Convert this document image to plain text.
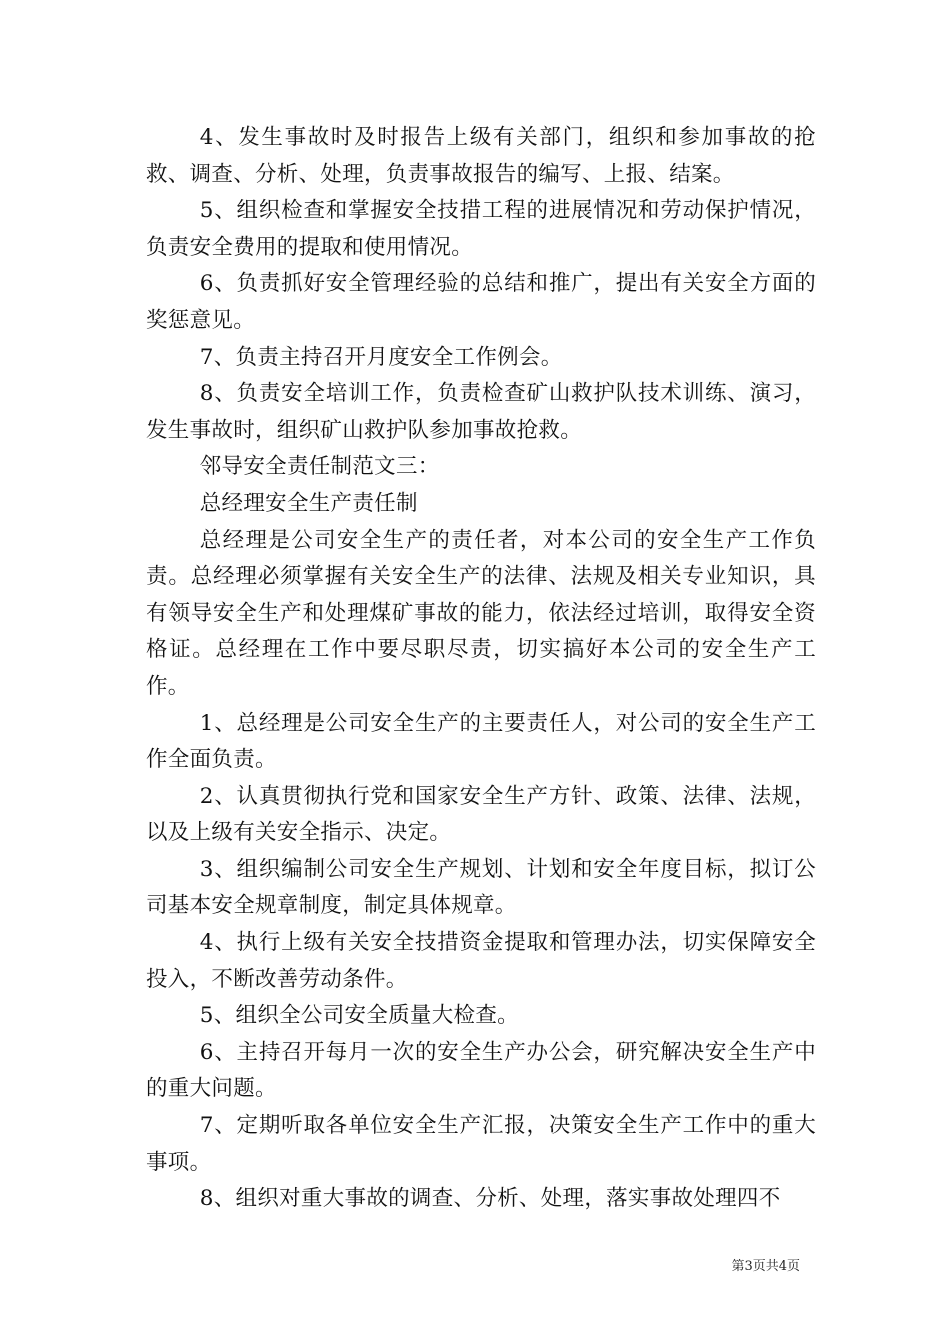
4、发生事故时及时报告上级有关部门，组织和参加事故的抢救、调查、分析、处理，负责事故报告的编写、上报、结案。

5、组织检查和掌握安全技措工程的进展情况和劳动保护情况，负责安全费用的提取和使用情况。

6、负责抓好安全管理经验的总结和推广，提出有关安全方面的奖惩意见。

7、负责主持召开月度安全工作例会。

8、负责安全培训工作，负责检查矿山救护队技术训练、演习，发生事故时，组织矿山救护队参加事故抢救。

邻导安全责任制范文三：

总经理安全生产责任制

总经理是公司安全生产的责任者，对本公司的安全生产工作负责。总经理必须掌握有关安全生产的法律、法规及相关专业知识，具有领导安全生产和处理煤矿事故的能力，依法经过培训，取得安全资格证。总经理在工作中要尽职尽责，切实搞好本公司的安全生产工作。

1、总经理是公司安全生产的主要责任人，对公司的安全生产工作全面负责。

2、认真贯彻执行党和国家安全生产方针、政策、法律、法规，以及上级有关安全指示、决定。

3、组织编制公司安全生产规划、计划和安全年度目标，拟订公司基本安全规章制度，制定具体规章。

4、执行上级有关安全技措资金提取和管理办法，切实保障安全投入，不断改善劳动条件。

5、组织全公司安全质量大检查。

6、主持召开每月一次的安全生产办公会，研究解决安全生产中的重大问题。

7、定期听取各单位安全生产汇报，决策安全生产工作中的重大事项。

8、组织对重大事故的调查、分析、处理，落实事故处理四不

第3页共4页
